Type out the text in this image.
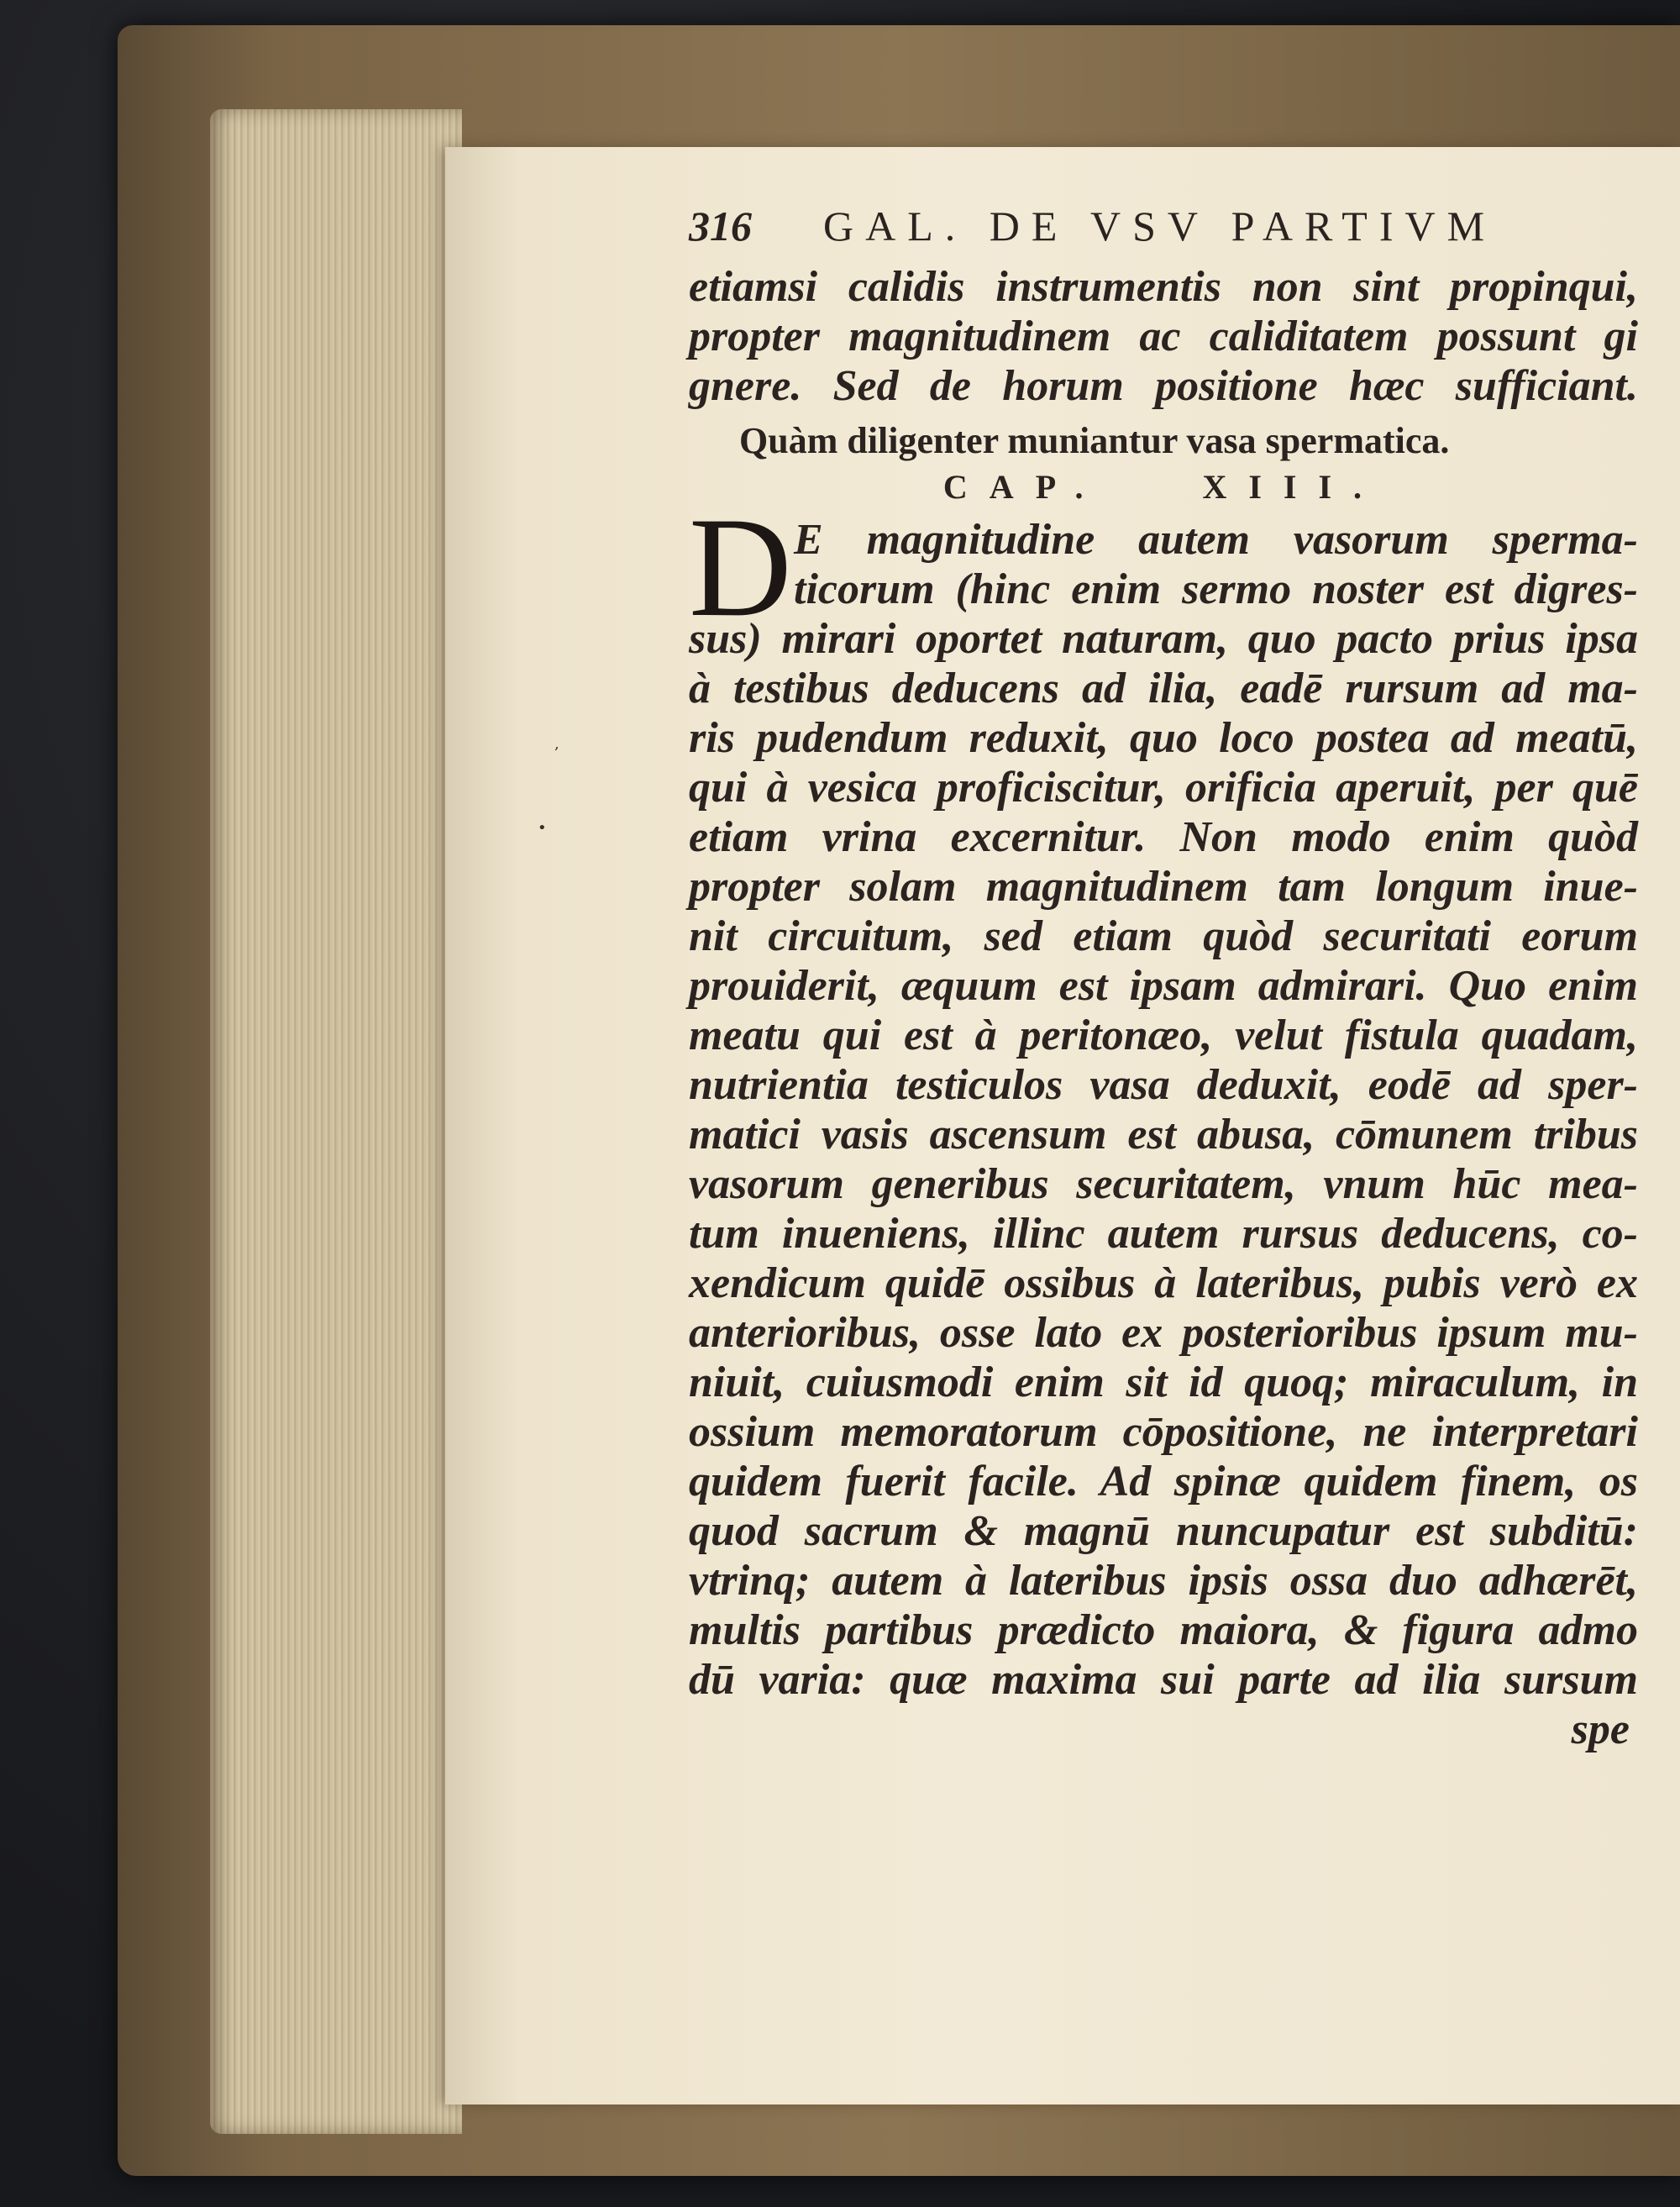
316	GAL. DE VSV PARTIVM
etiamsi calidis instrumentis non sint propinqui,
propter magnitudinem ac caliditatem possunt gi
gnere. Sed de horum positione hæc sufficiant.
Quàm diligenter muniantur vasa spermatica.
CAP.	XIII.
D E magnitudine autem vasorum sperma-
ticorum (hinc enim sermo noster est digres-
sus) mirari oportet naturam, quo pacto prius ipsa
à testibus deducens ad ilia, eadē rursum ad ma-
ris pudendum reduxit, quo loco postea ad meatū,
qui à vesica proficiscitur, orificia aperuit, per quē
etiam vrina excernitur. Non modo enim quòd
propter solam magnitudinem tam longum inue-
nit circuitum, sed etiam quòd securitati eorum
prouiderit, æquum est ipsam admirari. Quo enim
meatu qui est à peritonæo, velut fistula quadam,
nutrientia testiculos vasa deduxit, eodē ad sper-
matici vasis ascensum est abusa, cōmunem tribus
vasorum generibus securitatem, vnum hūc mea-
tum inueniens, illinc autem rursus deducens, co-
xendicum quidē ossibus à lateribus, pubis verò ex
anterioribus, osse lato ex posterioribus ipsum mu-
niuit, cuiusmodi enim sit id quoq; miraculum, in
ossium memoratorum cōpositione, ne interpretari
quidem fuerit facile. Ad spinæ quidem finem, os
quod sacrum & magnū nuncupatur est subditū:
vtrinq; autem à lateribus ipsis ossa duo adhærēt,
multis partibus prædicto maiora, & figura admo
dū varia: quæ maxima sui parte ad ilia sursum
spe
,
•
